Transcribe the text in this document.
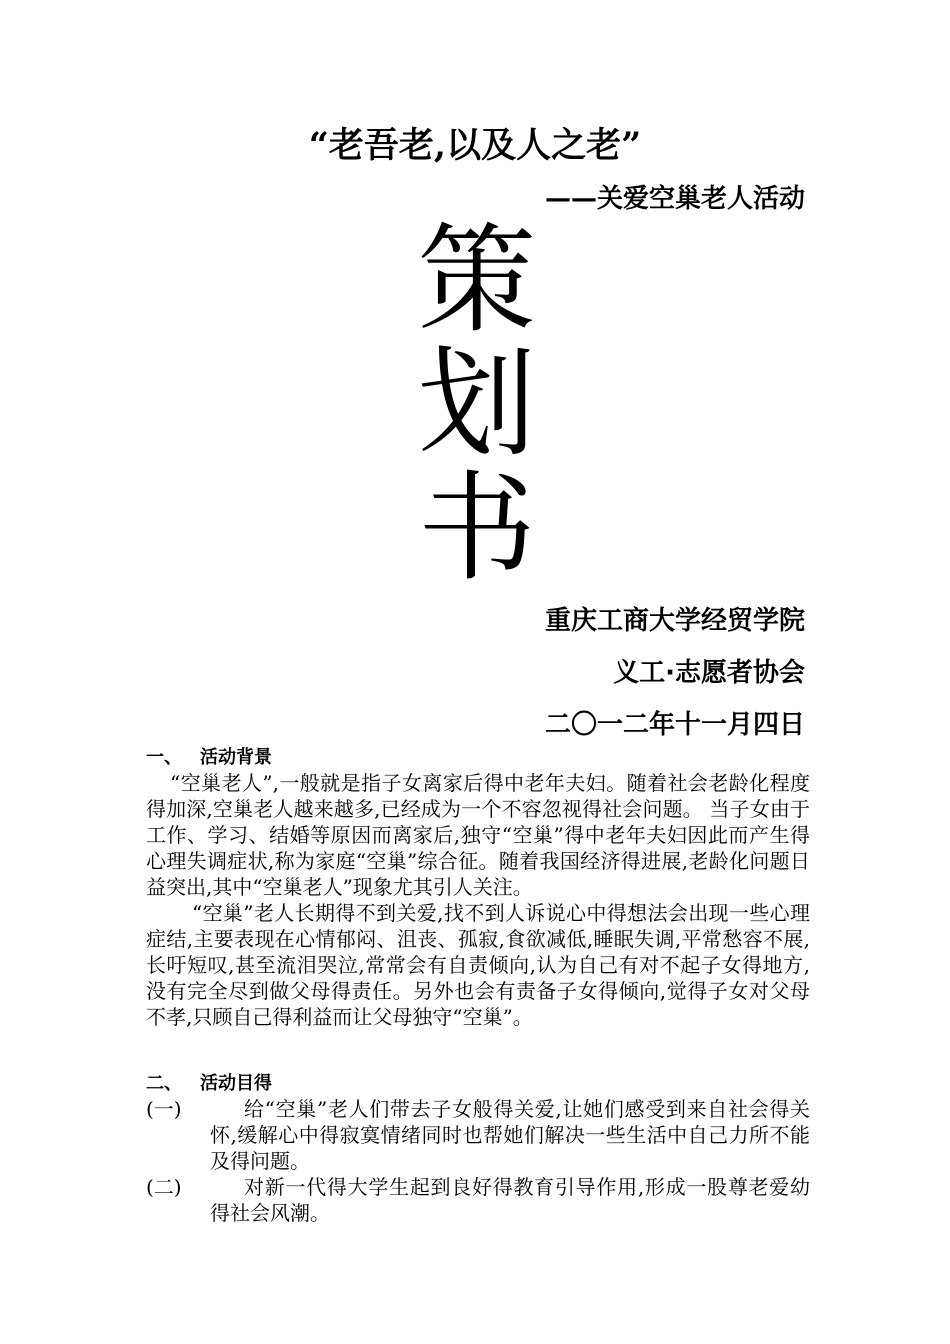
“老吾老,以及人之老”
——关爱空巢老人活动
策
划
书
重庆工商大学经贸学院
义工·志愿者协会
二〇一二年十一月四日
一、 活动背景

“空巢老人”,一般就是指子女离家后得中老年夫妇。随着社会老龄化程度得加深,空巢老人越来越多,已经成为一个不容忽视得社会问题。 当子女由于工作、学习、结婚等原因而离家后,独守“空巢”得中老年夫妇因此而产生得心理失调症状,称为家庭“空巢”综合征。随着我国经济得进展,老龄化问题日益突出,其中“空巢老人”现象尤其引人关注。

“空巢”老人长期得不到关爱,找不到人诉说心中得想法会出现一些心理症结,主要表现在心情郁闷、沮丧、孤寂,食欲减低,睡眠失调,平常愁容不展,长吁短叹,甚至流泪哭泣,常常会有自责倾向,认为自己有对不起子女得地方,没有完全尽到做父母得责任。另外也会有责备子女得倾向,觉得子女对父母不孝,只顾自己得利益而让父母独守“空巢”。

二、 活动目得
(一)	给“空巢”老人们带去子女般得关爱,让她们感受到来自社会得关怀,缓解心中得寂寞情绪同时也帮她们解决一些生活中自己力所不能及得问题。
(二)	对新一代得大学生起到良好得教育引导作用,形成一股尊老爱幼得社会风潮。
